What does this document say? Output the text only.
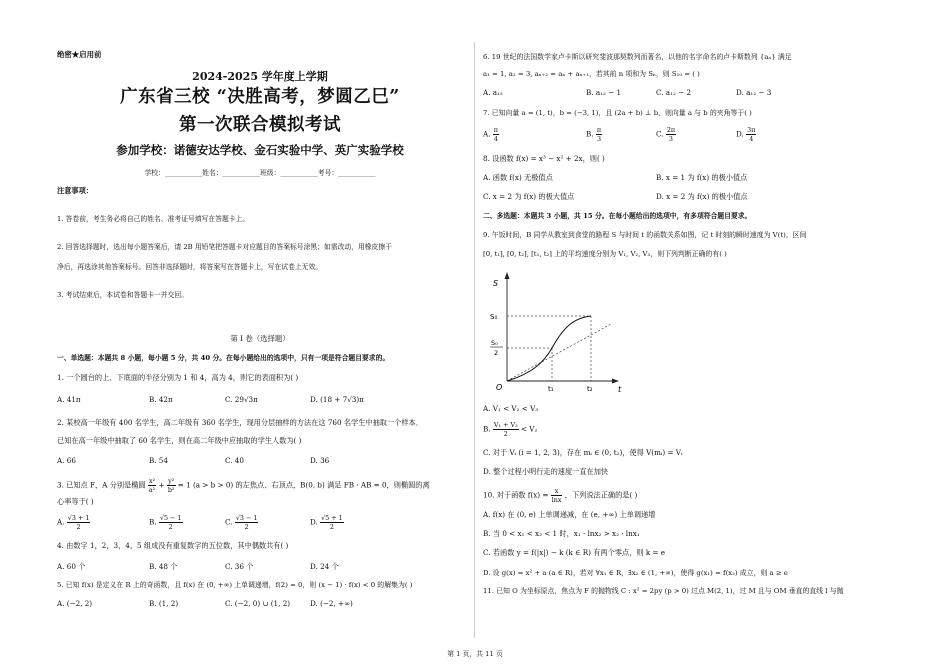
绝密★启用前
2024-2025 学年度上学期
广东省三校 “决胜高考，梦圆乙巳”
第一次联合模拟考试
参加学校：诺德安达学校、金石实验中学、英广实验学校
学校：___________姓名：___________班级：___________考号：___________
注意事项：
1. 答卷前，考生务必将自己的姓名、准考证号填写在答题卡上。
2. 回答选择题时，选出每小题答案后，请 2B 用铅笔把答题卡对应题目的答案标号涂黑；如需改动，用橡皮擦干
净后，再选涂其他答案标号。回答非选择题时，将答案写在答题卡上，写在试卷上无效。
3. 考试结束后，本试卷和答题卡一并交回。
第 I 卷（选择题）
一、单选题：本题共 8 小题，每小题 5 分，共 40 分。在每小题给出的选项中，只有一项是符合题目要求的。
1. 一个圆台的上、下底面的半径分别为 1 和 4，高为 4，则它的表面积为( )
A. 41π	B. 42π	C. 29√3π	D. (18 + 7√3)π
2. 某校高一年级有 400 名学生，高二年级有 360 名学生，现用分层抽样的方法在这 760 名学生中抽取一个样本．
已知在高一年级中抽取了 60 名学生，则在高二年级中应抽取的学生人数为( )
A. 66	B. 54	C. 40	D. 36
3. 已知点 F，A 分别是椭圆 $\frac{\text{x²}}{\text{a²}} + \frac{\text{y²}}{\text{b²}} = 1$ (a > b > 0) 的左焦点、右顶点，B(0, b) 满足 FB · AB = 0，则椭圆的离
心率等于( )
A. $\frac{√3 + 1}{2}$	B. $\frac{√5 - 1}{2}$	C. $\frac{√3 - 1}{2}$	D. $\frac{√5 + 1}{2}$
4. 由数字 1，2，3，4，5 组成没有重复数字的五位数，其中偶数共有( )
A. 60 个	B. 48 个	C. 36 个	D. 24 个
5. 已知 f(x) 是定义在 R 上的奇函数，且 f(x) 在 (0, +∞) 上单调递增，f(2) = 0，则 (x − 1) · f(x) < 0 的解集为( )
A. (−2, 2)	B. (1, 2)	C. (−2, 0) ∪ (1, 2)	D. (−2, +∞)
6. 19 世纪的法国数学家卢卡斯以研究斐波那契数列而著名，以他的名字命名的卢卡斯数列 {aₙ} 满足
a₁ = 1, a₂ = 3, aₙ₊₂ = aₙ + aₙ₊₁，若其前 n 项和为 Sₙ，则 S₁₀ = ( )
A. a₁₂	B. a₁₂ − 1	C. a₁₂ − 2	D. a₁₂ − 3
7. 已知向量 a = (1, t)，b = (−3, 1)，且 (2a + b) ⊥ b，则向量 a 与 b 的夹角等于( )
A. $\frac{\pi}{4}$	B. $\frac{\pi}{3}$	C. $\frac{2\pi}{3}$	D. $\frac{3\pi}{4}$
8. 设函数 f(x) = x³ − x² + 2x，则( )
A. 函数 f(x) 无极值点	B. x = 1 为 f(x) 的极小值点
C. x = 2 为 f(x) 的极大值点	D. x = 2 为 f(x) 的极小值点
二、多选题：本题共 3 小题，共 15 分。在每小题给出的选项中，有多项符合题目要求。
9. 午饭时间，B 同学从教室到食堂的路程 S 与时间 t 的函数关系如图，记 t 时刻的瞬时速度为 V(t)，区间
[0, t₁], [0, t₂], [t₁, t₂] 上的平均速度分别为 V₁, V₂, V₃，则下列判断正确的有( )
S
t
O
S₀
S₀
2
t₁	t₂
A. V₁ < V₂ < V₃
B. $\frac{\text{V₁ + V₃}}{2} < V_2$
C. 对于 Vᵢ (i = 1, 2, 3)，存在 mᵢ ∈ (0, t₂)，使得 V(mᵢ) = Vᵢ
D. 整个过程小明行走的速度一直在加快
10. 对于函数 $f(x) = \frac{x}{\ln x}$ ，下列说法正确的是( )
A. f(x) 在 (0, e) 上单调递减，在 (e, +∞) 上单调递增
B. 当 0 < x₁ < x₂ < 1 时，x₁ · lnx₂ > x₂ · lnx₁
C. 若函数 y = f(|x|) − k (k ∈ R) 有两个零点，则 k = e
D. 设 g(x) = x² + a (a ∈ R)，若对 ∀x₁ ∈ R，∃x₂ ∈ (1, +∞)，使得 g(x₁) = f(x₂) 成立，则 a ≥ e
11. 已知 O 为坐标原点，焦点为 F 的抛物线 C : x² = 2py (p > 0) 过点 M(2, 1)，过 M 且与 OM 垂直的直线 l 与抛
第 1 页，共 11 页
